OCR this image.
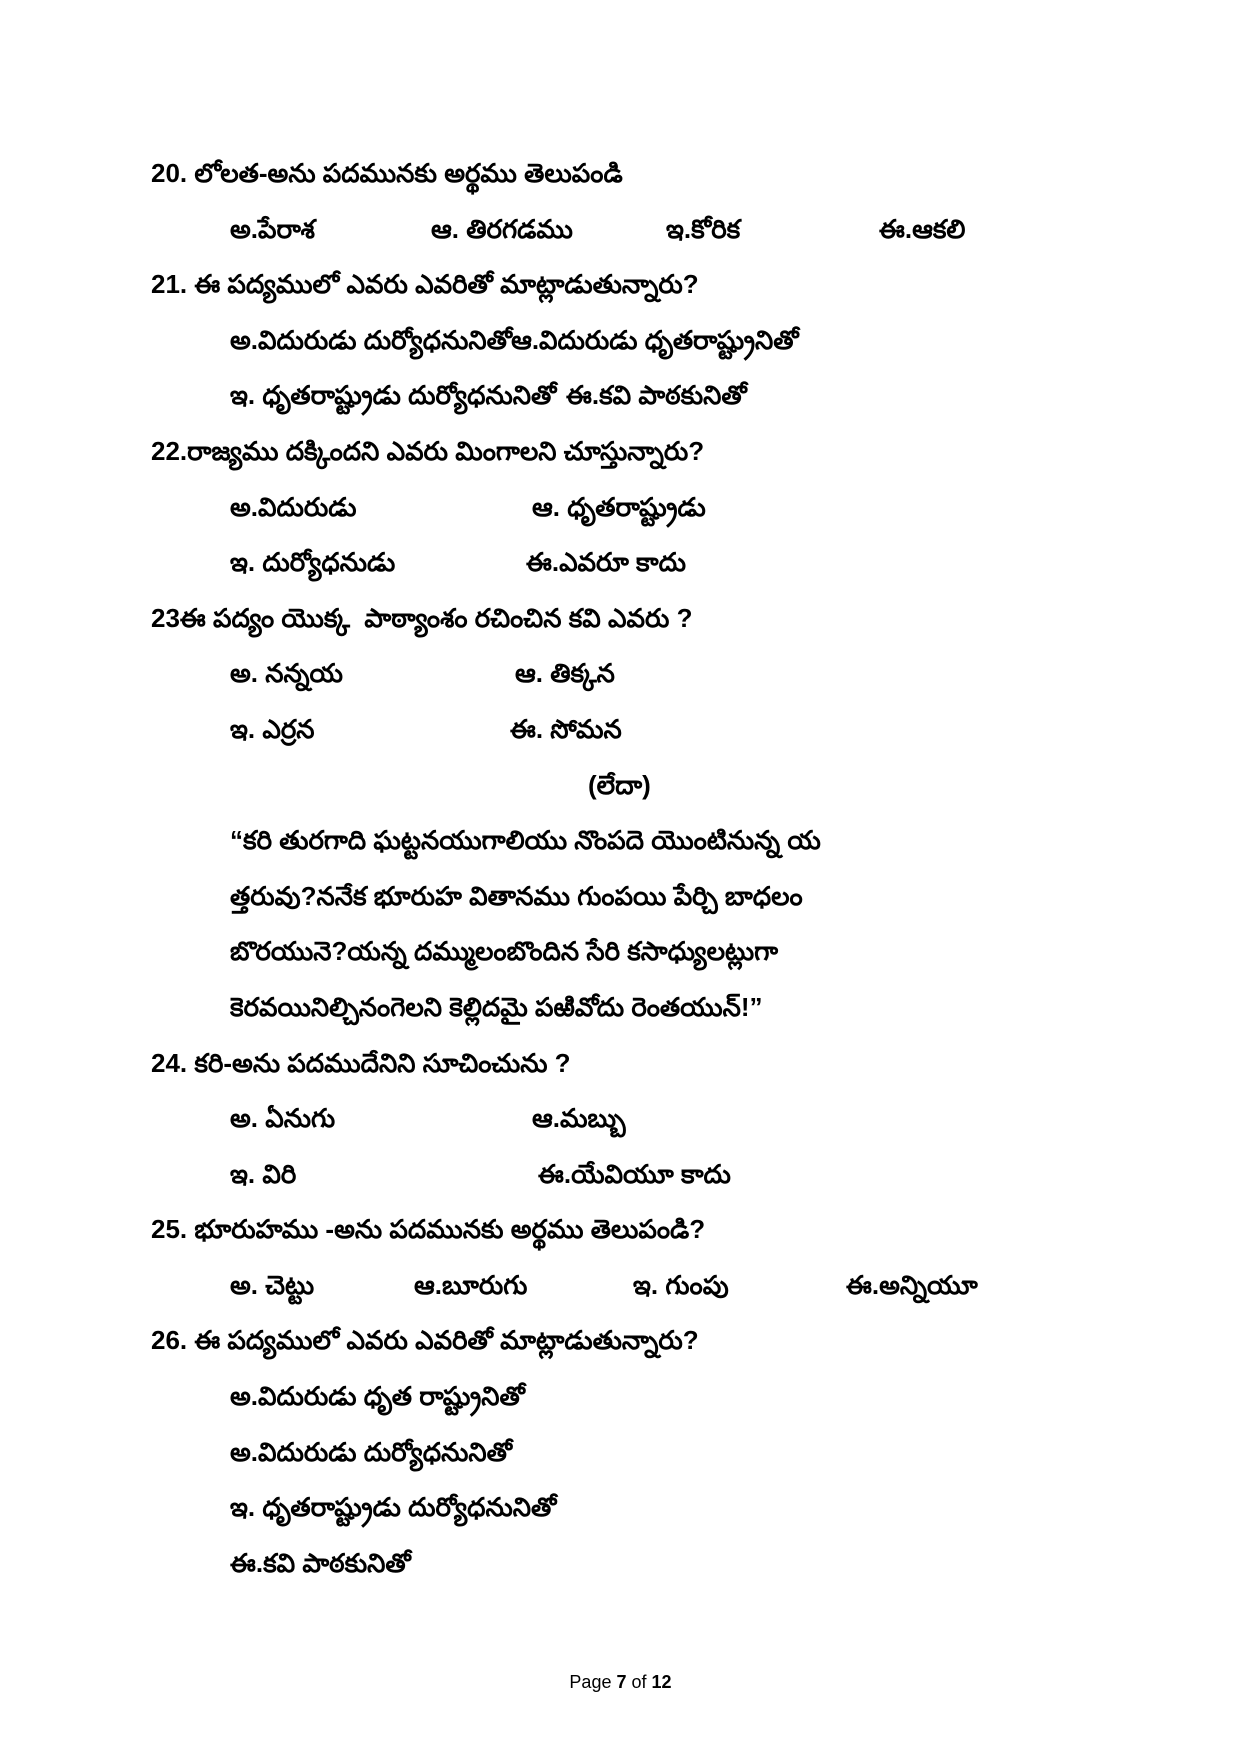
20. లోలత-అను పదమునకు అర్థము తెలుపండి
అ.పేరాశ	ఆ. తిరగడము	ఇ.కోరిక	ఈ.ఆకలి
21. ఈ పద్యములో ఎవరు ఎవరితో మాట్లాడుతున్నారు?
అ.విదురుడు దుర్యోధనునితోఆ.విదురుడు ధృతరాష్ట్రునితో
ఇ. ధృతరాష్ట్రుడు దుర్యోధనునితో ఈ.కవి పాఠకునితో
22.రాజ్యము దక్కిందని ఎవరు మింగాలని చూస్తున్నారు?
అ.విదురుడు	ఆ. ధృతరాష్ట్రుడు
ఇ. దుర్యోధనుడు	ఈ.ఎవరూ కాదు
23ఈ పద్యం యొక్క  పాఠ్యాంశం రచించిన కవి ఎవరు ?
అ. నన్నయ	ఆ. తిక్కన
ఇ. ఎర్రన	ఈ. సోమన
(లేదా)
“కరి తురగాది ఘట్టనయుగాలియు నొంపదె యొంటినున్న య
త్తరువు?ననేక భూరుహ వితానము గుంపయి పేర్చి బాధలం
బొరయునె?యన్న దమ్ములంబొందిన సేరి కసాధ్యులట్లుగా
కెరవయినిల్చినంగెలని కెల్లిదమై పఱివోదు రెంతయున్!”
24. కరి-అను పదముదేనిని సూచించును ?
అ. ఏనుగు	ఆ.మబ్బు
ఇ. విరి	ఈ.యేవియూ కాదు
25. భూరుహము -అను పదమునకు అర్థము తెలుపండి?
అ. చెట్టు	ఆ.బూరుగు	ఇ. గుంపు	ఈ.అన్నియూ
26. ఈ పద్యములో ఎవరు ఎవరితో మాట్లాడుతున్నారు?
అ.విదురుడు ధృత రాష్ట్రునితో
అ.విదురుడు దుర్యోధనునితో
ఇ. ధృతరాష్ట్రుడు దుర్యోధనునితో
ఈ.కవి పాఠకునితో
Page 7 of 12
